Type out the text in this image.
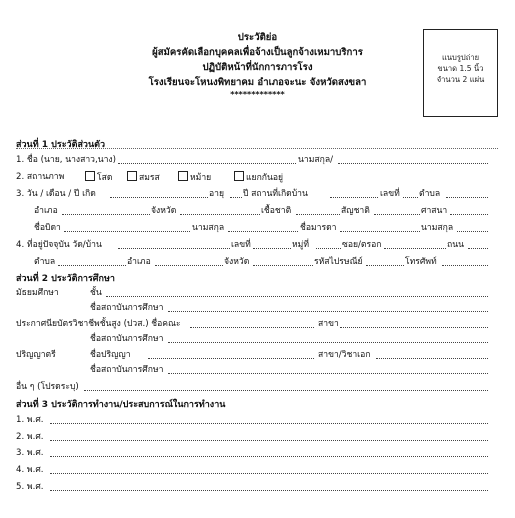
ประวัติย่อ
ผู้สมัครคัดเลือกบุคคลเพื่อจ้างเป็นลูกจ้างเหมาบริการ
ปฏิบัติหน้าที่นักการภารโรง
โรงเรียนจะโหนงพิทยาคม อำเภอจะนะ จังหวัดสงขลา
*************
แนบรูปถ่าย
ขนาด 1.5 นิ้ว
จำนวน 2 แผ่น
ส่วนที่ 1 ประวัติส่วนตัว
1. ชื่อ (นาย, นางสาว,นาง)	นามสกุล/
2. สถานภาพ	โสด	สมรส	หม้าย	แยกกันอยู่
3. วัน / เดือน / ปี เกิด	อายุ ปี สถานที่เกิดบ้าน	เลขที่ ตำบล
อำเภอ	จังหวัด	เชื้อชาติ	สัญชาติ	ศาสนา
ชื่อบิดา	นามสกุล	ชื่อมารดา	นามสกุล
4. ที่อยู่ปัจจุบัน วัด/บ้าน	เลขที่	หมู่ที่	ซอย/ตรอก	ถนน
ตำบล	อำเภอ	จังหวัด	รหัสไปรษณีย์	โทรศัพท์
ส่วนที่ 2 ประวัติการศึกษา
มัธยมศึกษา	ชั้น
ชื่อสถาบันการศึกษา
ประกาศนียบัตรวิชาชีพชั้นสูง (ปวส.) ชื่อคณะ	สาขา
ชื่อสถาบันการศึกษา
ปริญญาตรี	ชื่อปริญญา	สาขา/วิชาเอก
ชื่อสถาบันการศึกษา
อื่น ๆ (โปรดระบุ)
ส่วนที่ 3 ประวัติการทำงาน/ประสบการณ์ในการทำงาน
1. พ.ศ.
2. พ.ศ.
3. พ.ศ.
4. พ.ศ.
5. พ.ศ.
